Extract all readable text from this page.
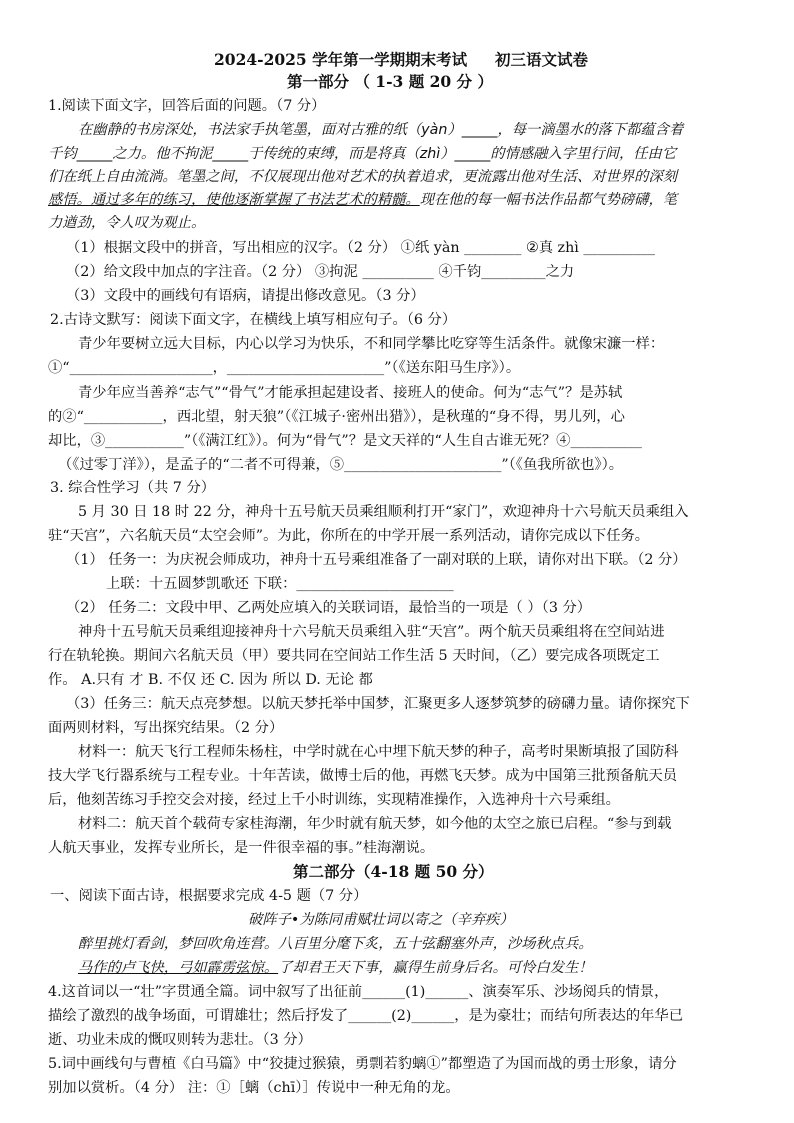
2024-2025 学年第一学期期末考试 初三语文试卷
第一部分 （ 1-3 题 20 分 ）
1.阅读下面文字，回答后面的问题。（7 分）
在幽静的书房深处，书法家手执笔墨，面对古雅的纸（yàn）_____，每一滴墨水的落下都蕴含着
千钧_____之力。他不拘泥_____于传统的束缚，而是将真（zhì）_____的情感融入字里行间，任由它
们在纸上自由流淌。笔墨之间，不仅展现出他对艺术的执着追求，更流露出他对生活、对世界的深刻
感悟。通过多年的练习，使他逐渐掌握了书法艺术的精髓。现在他的每一幅书法作品都气势磅礴，笔
力遒劲，令人叹为观止。
（1）根据文段中的拼音，写出相应的汉字。（2 分） ①纸 yàn ________ ②真 zhì __________
（2）给文段中加点的字注音。（2 分） ③拘泥 __________ ④千钧_________之力
（3）文段中的画线句有语病，请提出修改意见。（3 分）
2.古诗文默写：阅读下面文字，在横线上填写相应句子。（6 分）
青少年要树立远大目标，内心以学习为快乐，不和同学攀比吃穿等生活条件。就像宋濂一样：
①“____________________，______________________”（《送东阳马生序》）。
青少年应当善养“志气”“骨气”才能承担起建设者、接班人的使命。何为“志气”？是苏轼
的②“___________，西北望，射天狼”（《江城子·密州出猎》），是秋瑾的“身不得，男儿列，心
却比，③___________”（《满江红》）。何为“骨气”？是文天祥的“人生自古谁无死？④__________
（《过零丁洋》），是孟子的“二者不可得兼，⑤______________________”（《鱼我所欲也》）。
3. 综合性学习（共 7 分）
5 月 30 日 18 时 22 分，神舟十五号航天员乘组顺利打开“家门”，欢迎神舟十六号航天员乘组入
驻“天宫”，六名航天员“太空会师”。为此，你所在的中学开展一系列活动，请你完成以下任务。
（1） 任务一：为庆祝会师成功，神舟十五号乘组准备了一副对联的上联，请你对出下联。（2 分）
上联：十五圆梦凯歌还 下联：______________________
（2） 任务二：文段中甲、乙两处应填入的关联词语，最恰当的一项是（ ）（3 分）
神舟十五号航天员乘组迎接神舟十六号航天员乘组入驻“天宫”。两个航天员乘组将在空间站进
行在轨轮换。期间六名航天员（甲）要共同在空间站工作生活 5 天时间，（乙）要完成各项既定工
作。 A.只有 才 B. 不仅 还 C. 因为 所以 D. 无论 都
（3）任务三：航天点亮梦想。以航天梦托举中国梦，汇聚更多人逐梦筑梦的磅礴力量。请你探究下
面两则材料，写出探究结果。（2 分）
材料一：航天飞行工程师朱杨柱，中学时就在心中埋下航天梦的种子，高考时果断填报了国防科
技大学飞行器系统与工程专业。十年苦读，做博士后的他，再燃飞天梦。成为中国第三批预备航天员
后，他刻苦练习手控交会对接，经过上千小时训练，实现精准操作，入选神舟十六号乘组。
材料二：航天首个载荷专家桂海潮，年少时就有航天梦，如今他的太空之旅已启程。“参与到载
人航天事业，发挥专业所长，是一件很幸福的事。”桂海潮说。
第二部分（4-18 题 50 分）
一、阅读下面古诗，根据要求完成 4-5 题（7 分）
破阵子•为陈同甫赋壮词以寄之（辛弃疾）
醉里挑灯看剑，梦回吹角连营。八百里分麾下炙，五十弦翻塞外声，沙场秋点兵。
马作的卢飞快，弓如霹雳弦惊。了却君王天下事，赢得生前身后名。可怜白发生！
4.这首词以一“壮”字贯通全篇。词中叙写了出征前______(1)______、演奏军乐、沙场阅兵的情景，
描绘了激烈的战争场面，可谓雄壮；然后抒发了______(2)______，是为豪壮；而结句所表达的年华已
逝、功业未成的慨叹则转为悲壮。（3 分）
5.词中画线句与曹植《白马篇》中“狡捷过猴猿，勇剽若豹螭①”都塑造了为国而战的勇士形象，请分
别加以赏析。（4 分） 注：①［螭（chī）］传说中一种无角的龙。
